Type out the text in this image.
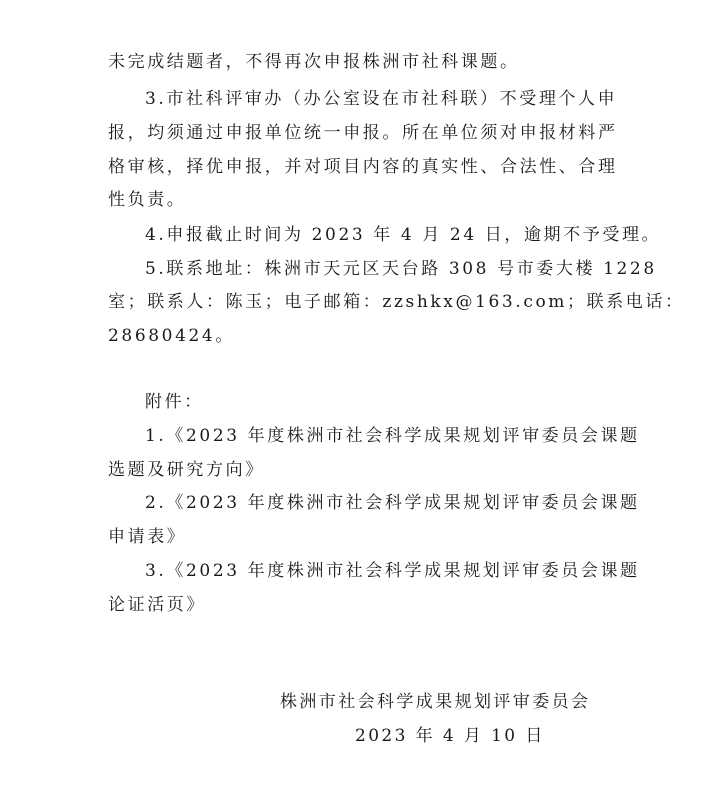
未完成结题者，不得再次申报株洲市社科课题。
3.市社科评审办（办公室设在市社科联）不受理个人申
报，均须通过申报单位统一申报。所在单位须对申报材料严
格审核，择优申报，并对项目内容的真实性、合法性、合理
性负责。
4.申报截止时间为 2023 年 4 月 24 日，逾期不予受理。
5.联系地址：株洲市天元区天台路 308 号市委大楼 1228
室；联系人：陈玉；电子邮箱：zzshkx@163.com；联系电话：
28680424。
附件：
1.《2023 年度株洲市社会科学成果规划评审委员会课题
选题及研究方向》
2.《2023 年度株洲市社会科学成果规划评审委员会课题
申请表》
3.《2023 年度株洲市社会科学成果规划评审委员会课题
论证活页》
株洲市社会科学成果规划评审委员会
2023 年 4 月 10 日
